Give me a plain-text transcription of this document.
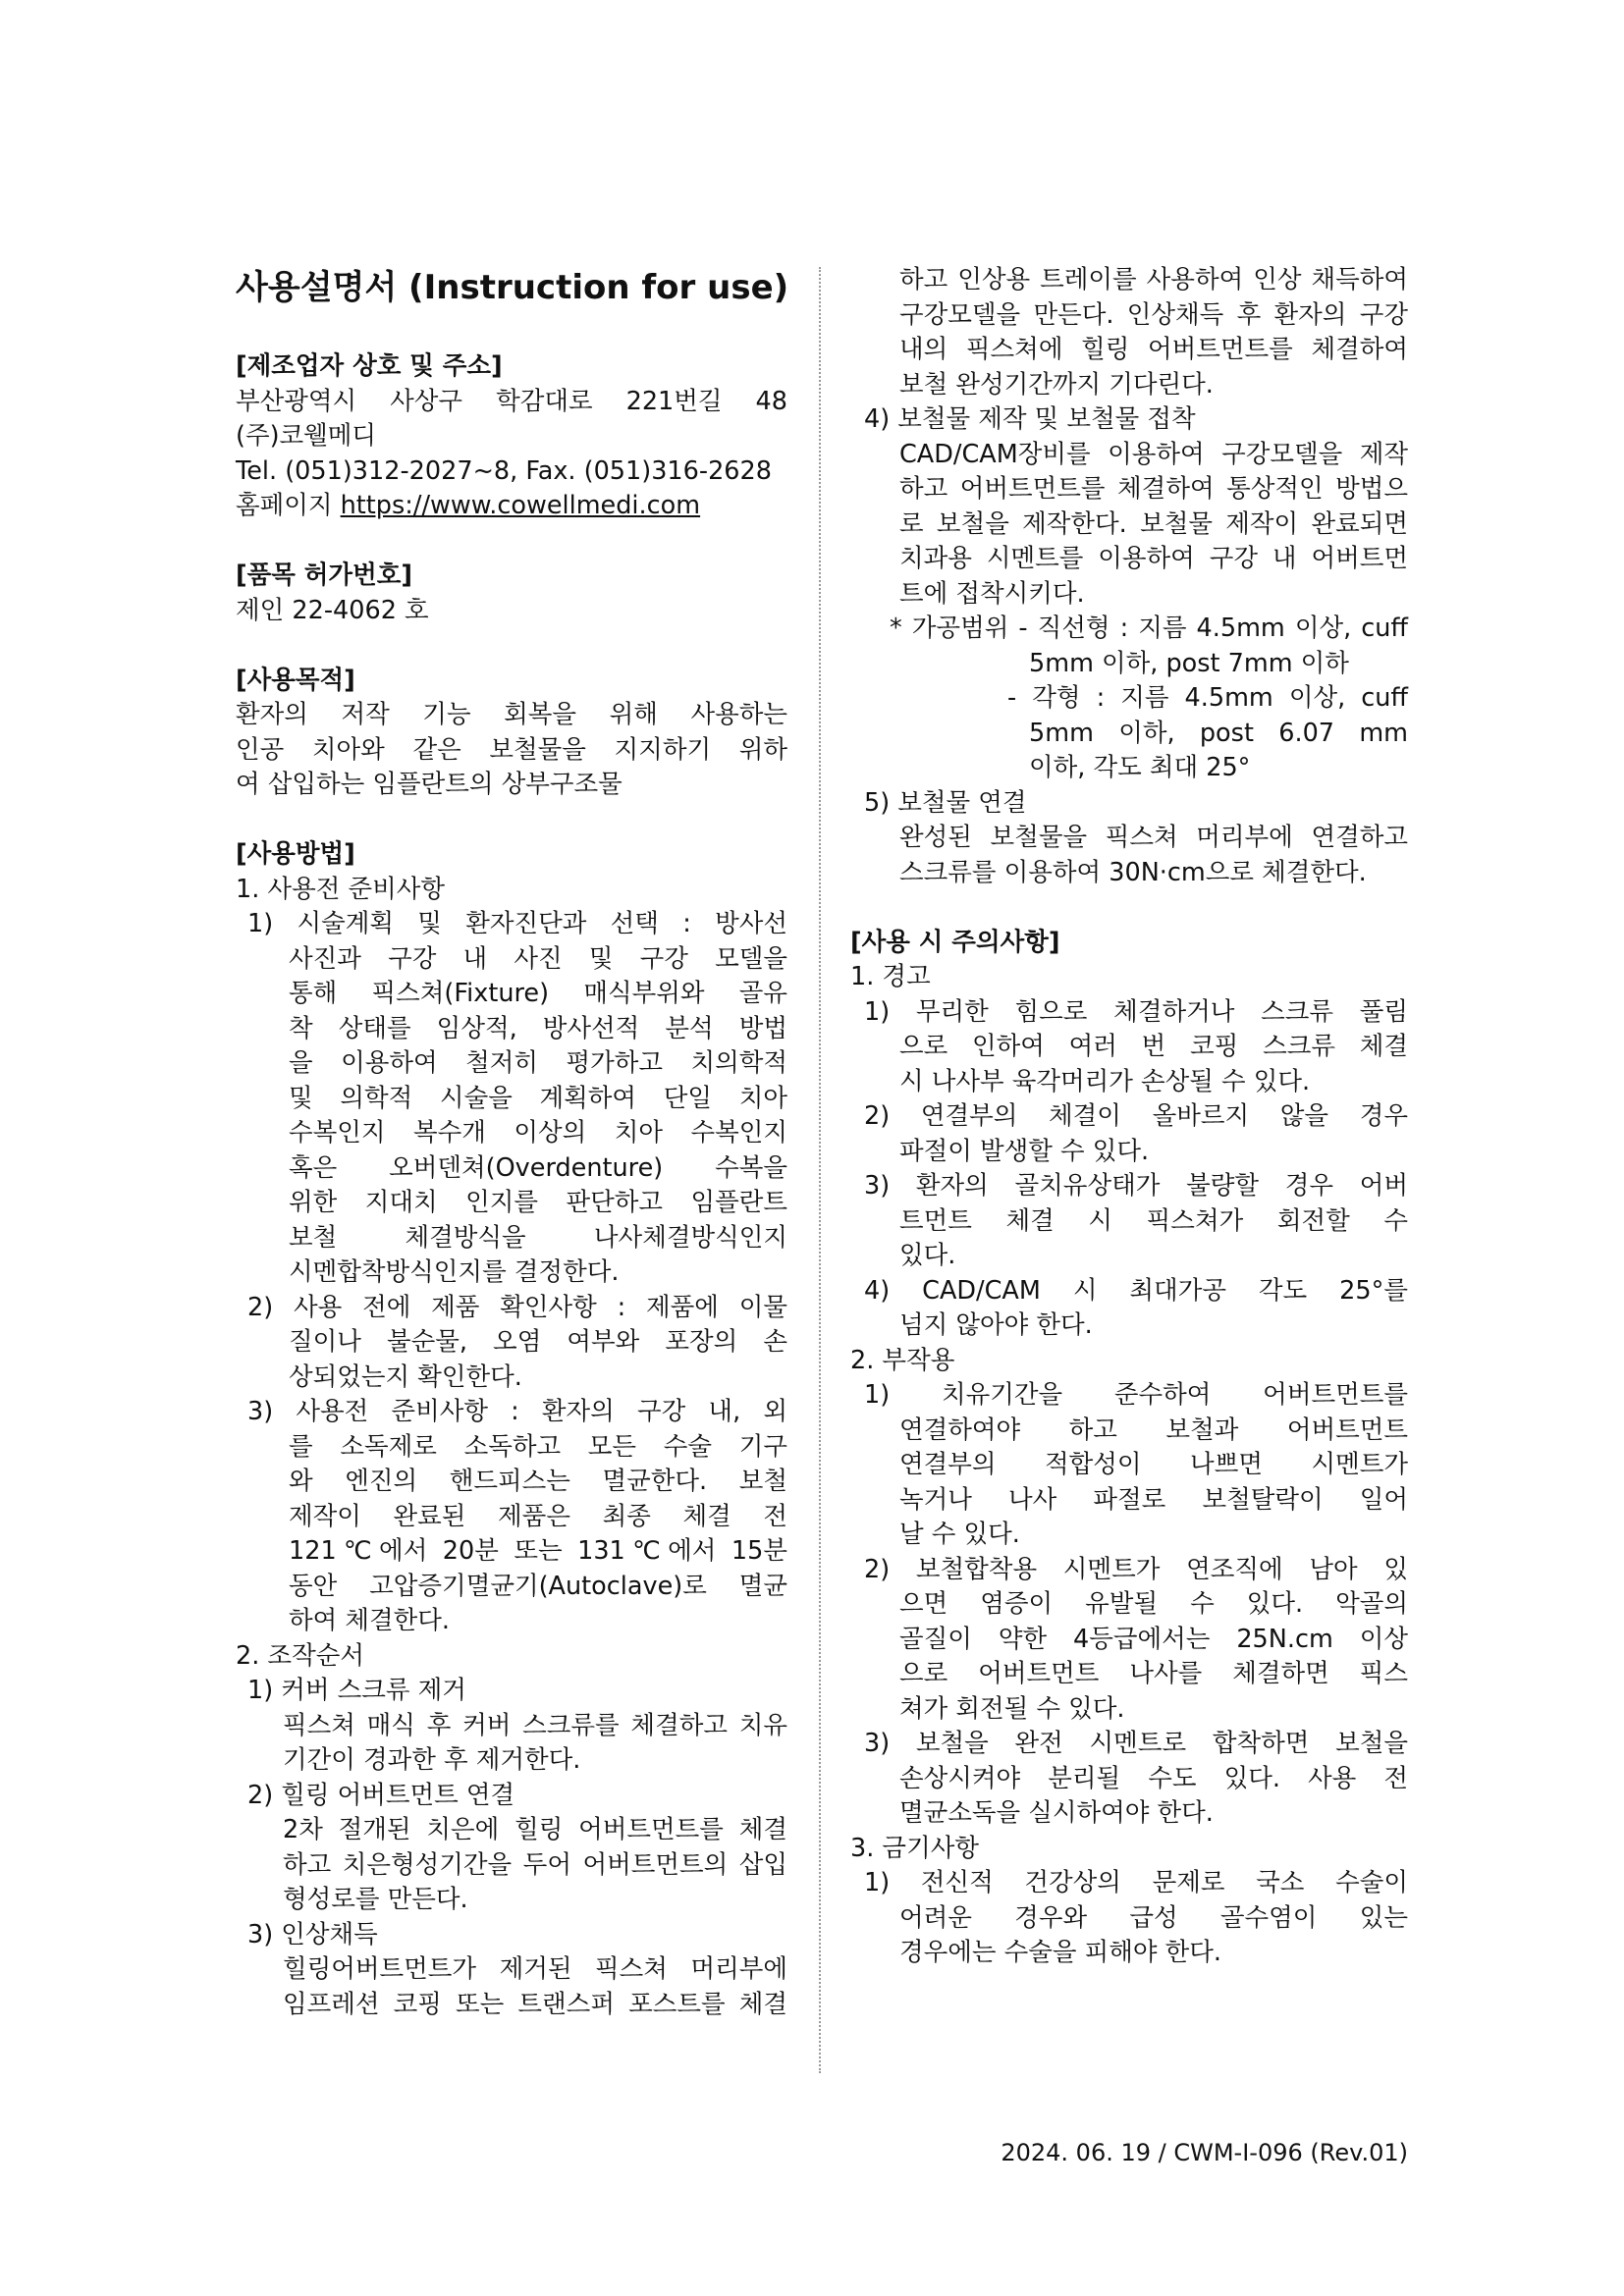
사용설명서 (Instruction for use)
[제조업자 상호 및 주소]
부산광역시 사상구 학감대로 221번길 48
(주)코웰메디
Tel. (051)312-2027~8, Fax. (051)316-2628
홈페이지 https://www.cowellmedi.com
[품목 허가번호]
제인 22-4062 호
[사용목적]
환자의 저작 기능 회복을 위해 사용하는
인공 치아와 같은 보철물을 지지하기 위하
여 삽입하는 임플란트의 상부구조물
[사용방법]
1. 사용전 준비사항
1) 시술계획 및 환자진단과 선택 : 방사선
사진과 구강 내 사진 및 구강 모델을
통해 픽스쳐(Fixture) 매식부위와 골유
착 상태를 임상적, 방사선적 분석 방법
을 이용하여 철저히 평가하고 치의학적
및 의학적 시술을 계획하여 단일 치아
수복인지 복수개 이상의 치아 수복인지
혹은 오버덴쳐(Overdenture) 수복을
위한 지대치 인지를 판단하고 임플란트
보철 체결방식을 나사체결방식인지
시멘합착방식인지를 결정한다.
2) 사용 전에 제품 확인사항 : 제품에 이물
질이나 불순물, 오염 여부와 포장의 손
상되었는지 확인한다.
3) 사용전 준비사항 : 환자의 구강 내, 외
를 소독제로 소독하고 모든 수술 기구
와 엔진의 핸드피스는 멸균한다. 보철
제작이 완료된 제품은 최종 체결 전
121℃에서 20분 또는 131℃에서 15분
동안 고압증기멸균기(Autoclave)로 멸균
하여 체결한다.
2. 조작순서
1) 커버 스크류 제거
픽스쳐 매식 후 커버 스크류를 체결하고 치유
기간이 경과한 후 제거한다.
2) 힐링 어버트먼트 연결
2차 절개된 치은에 힐링 어버트먼트를 체결
하고 치은형성기간을 두어 어버트먼트의 삽입
형성로를 만든다.
3) 인상채득
힐링어버트먼트가 제거된 픽스쳐 머리부에
임프레션 코핑 또는 트랜스퍼 포스트를 체결
하고 인상용 트레이를 사용하여 인상 채득하여
구강모델을 만든다. 인상채득 후 환자의 구강
내의 픽스쳐에 힐링 어버트먼트를 체결하여
보철 완성기간까지 기다린다.
4) 보철물 제작 및 보철물 접착
CAD/CAM장비를 이용하여 구강모델을 제작
하고 어버트먼트를 체결하여 통상적인 방법으
로 보철을 제작한다. 보철물 제작이 완료되면
치과용 시멘트를 이용하여 구강 내 어버트먼
트에 접착시키다.
* 가공범위 - 직선형 : 지름 4.5mm 이상, cuff
5mm 이하, post 7mm 이하
- 각형 : 지름 4.5mm 이상, cuff
5mm 이하, post 6.07 mm
이하, 각도 최대 25°
5) 보철물 연결
완성된 보철물을 픽스쳐 머리부에 연결하고
스크류를 이용하여 30N·cm으로 체결한다.
[사용 시 주의사항]
1. 경고
1) 무리한 힘으로 체결하거나 스크류 풀림
으로 인하여 여러 번 코핑 스크류 체결
시 나사부 육각머리가 손상될 수 있다.
2) 연결부의 체결이 올바르지 않을 경우
파절이 발생할 수 있다.
3) 환자의 골치유상태가 불량할 경우 어버
트먼트 체결 시 픽스쳐가 회전할 수
있다.
4) CAD/CAM 시 최대가공 각도 25°를
넘지 않아야 한다.
2. 부작용
1) 치유기간을 준수하여 어버트먼트를
연결하여야 하고 보철과 어버트먼트
연결부의 적합성이 나쁘면 시멘트가
녹거나 나사 파절로 보철탈락이 일어
날 수 있다.
2) 보철합착용 시멘트가 연조직에 남아 있
으면 염증이 유발될 수 있다. 악골의
골질이 약한 4등급에서는 25N.cm 이상
으로 어버트먼트 나사를 체결하면 픽스
쳐가 회전될 수 있다.
3) 보철을 완전 시멘트로 합착하면 보철을
손상시켜야 분리될 수도 있다. 사용 전
멸균소독을 실시하여야 한다.
3. 금기사항
1) 전신적 건강상의 문제로 국소 수술이
어려운 경우와 급성 골수염이 있는
경우에는 수술을 피해야 한다.
2024. 06. 19 / CWM-I-096 (Rev.01)
